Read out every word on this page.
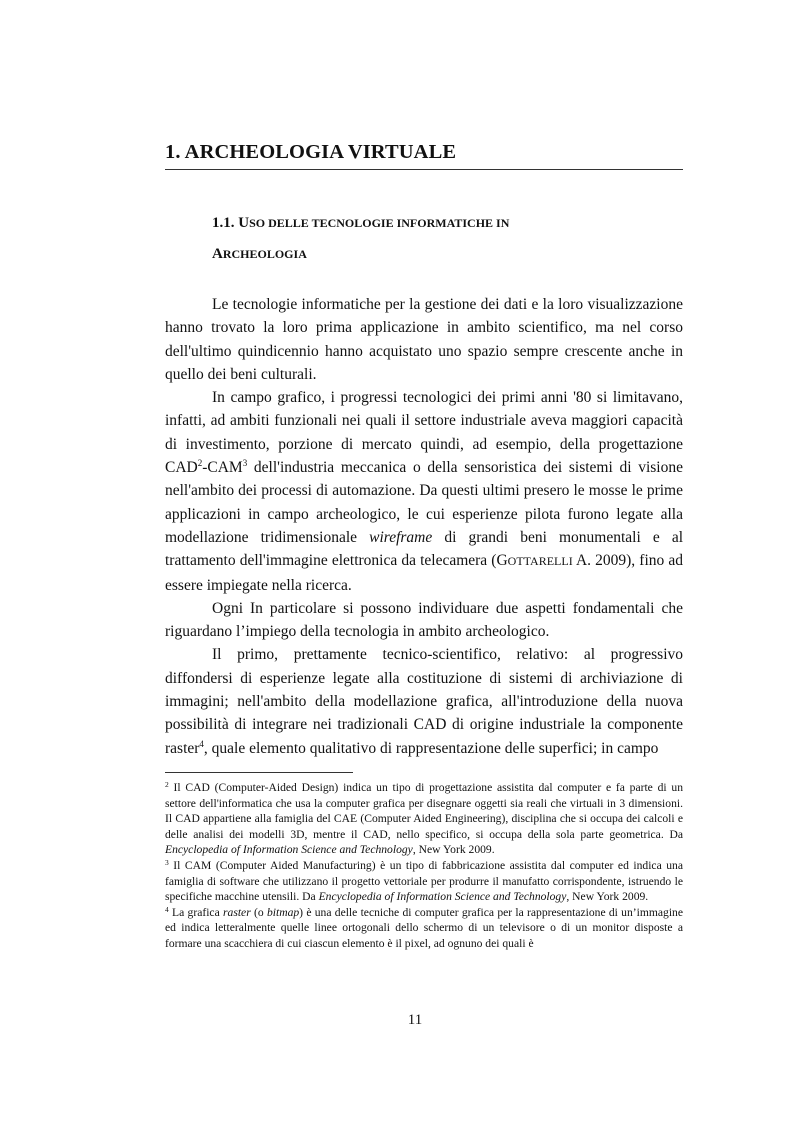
1. ARCHEOLOGIA VIRTUALE
1.1. USO DELLE TECNOLOGIE INFORMATICHE IN
ARCHEOLOGIA

Le tecnologie informatiche per la gestione dei dati e la loro visualizzazione hanno trovato la loro prima applicazione in ambito scientifico, ma nel corso dell'ultimo quindicennio hanno acquistato uno spazio sempre crescente anche in quello dei beni culturali.

In campo grafico, i progressi tecnologici dei primi anni '80 si limitavano, infatti, ad ambiti funzionali nei quali il settore industriale aveva maggiori capacità di investimento, porzione di mercato quindi, ad esempio, della progettazione CAD$^2$-CAM$^3$ dell'industria meccanica o della sensoristica dei sistemi di visione nell'ambito dei processi di automazione. Da questi ultimi presero le mosse le prime applicazioni in campo archeologico, le cui esperienze pilota furono legate alla modellazione tridimensionale wireframe di grandi beni monumentali e al trattamento dell'immagine elettronica da telecamera (GOTTARELLI A. 2009), fino ad essere impiegate nella ricerca.

Ogni In particolare si possono individuare due aspetti fondamentali che riguardano l’impiego della tecnologia in ambito archeologico.

Il primo, prettamente tecnico-scientifico, relativo: al progressivo diffondersi di esperienze legate alla costituzione di sistemi di archiviazione di immagini; nell'ambito della modellazione grafica, all'introduzione della nuova possibilità di integrare nei tradizionali CAD di origine industriale la componente raster$^4$, quale elemento qualitativo di rappresentazione delle superfici; in campo

$^2$ Il CAD (Computer-Aided Design) indica un tipo di progettazione assistita dal computer e fa parte di un settore dell'informatica che usa la computer grafica per disegnare oggetti sia reali che virtuali in 3 dimensioni. Il CAD appartiene alla famiglia del CAE (Computer Aided Engineering), disciplina che si occupa dei calcoli e delle analisi dei modelli 3D, mentre il CAD, nello specifico, si occupa della sola parte geometrica. Da Encyclopedia of Information Science and Technology, New York 2009.

$^3$ Il CAM (Computer Aided Manufacturing) è un tipo di fabbricazione assistita dal computer ed indica una famiglia di software che utilizzano il progetto vettoriale per produrre il manufatto corrispondente, istruendo le specifiche macchine utensili. Da Encyclopedia of Information Science and Technology, New York 2009.

$^4$ La grafica raster (o bitmap) è una delle tecniche di computer grafica per la rappresentazione di un’immagine ed indica letteralmente quelle linee ortogonali dello schermo di un televisore o di un monitor disposte a formare una scacchiera di cui ciascun elemento è il pixel, ad ognuno dei quali è

11
